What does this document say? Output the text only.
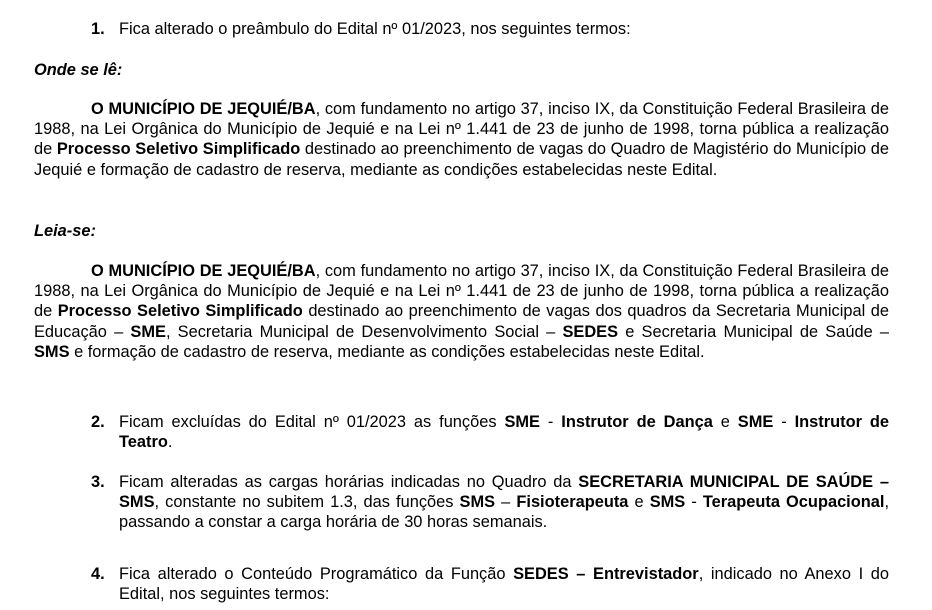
1. Fica alterado o preâmbulo do Edital nº 01/2023, nos seguintes termos:
Onde se lê:
O MUNICÍPIO DE JEQUIÉ/BA, com fundamento no artigo 37, inciso IX, da Constituição Federal Brasileira de 1988, na Lei Orgânica do Município de Jequié e na Lei nº 1.441 de 23 de junho de 1998, torna pública a realização de Processo Seletivo Simplificado destinado ao preenchimento de vagas do Quadro de Magistério do Município de Jequié e formação de cadastro de reserva, mediante as condições estabelecidas neste Edital.
Leia-se:
O MUNICÍPIO DE JEQUIÉ/BA, com fundamento no artigo 37, inciso IX, da Constituição Federal Brasileira de 1988, na Lei Orgânica do Município de Jequié e na Lei nº 1.441 de 23 de junho de 1998, torna pública a realização de Processo Seletivo Simplificado destinado ao preenchimento de vagas dos quadros da Secretaria Municipal de Educação – SME, Secretaria Municipal de Desenvolvimento Social – SEDES e Secretaria Municipal de Saúde – SMS e formação de cadastro de reserva, mediante as condições estabelecidas neste Edital.
2. Ficam excluídas do Edital nº 01/2023 as funções SME - Instrutor de Dança e SME - Instrutor de Teatro.
3. Ficam alteradas as cargas horárias indicadas no Quadro da SECRETARIA MUNICIPAL DE SAÚDE – SMS, constante no subitem 1.3, das funções SMS – Fisioterapeuta e SMS - Terapeuta Ocupacional, passando a constar a carga horária de 30 horas semanais.
4. Fica alterado o Conteúdo Programático da Função SEDES – Entrevistador, indicado no Anexo I do Edital, nos seguintes termos:
